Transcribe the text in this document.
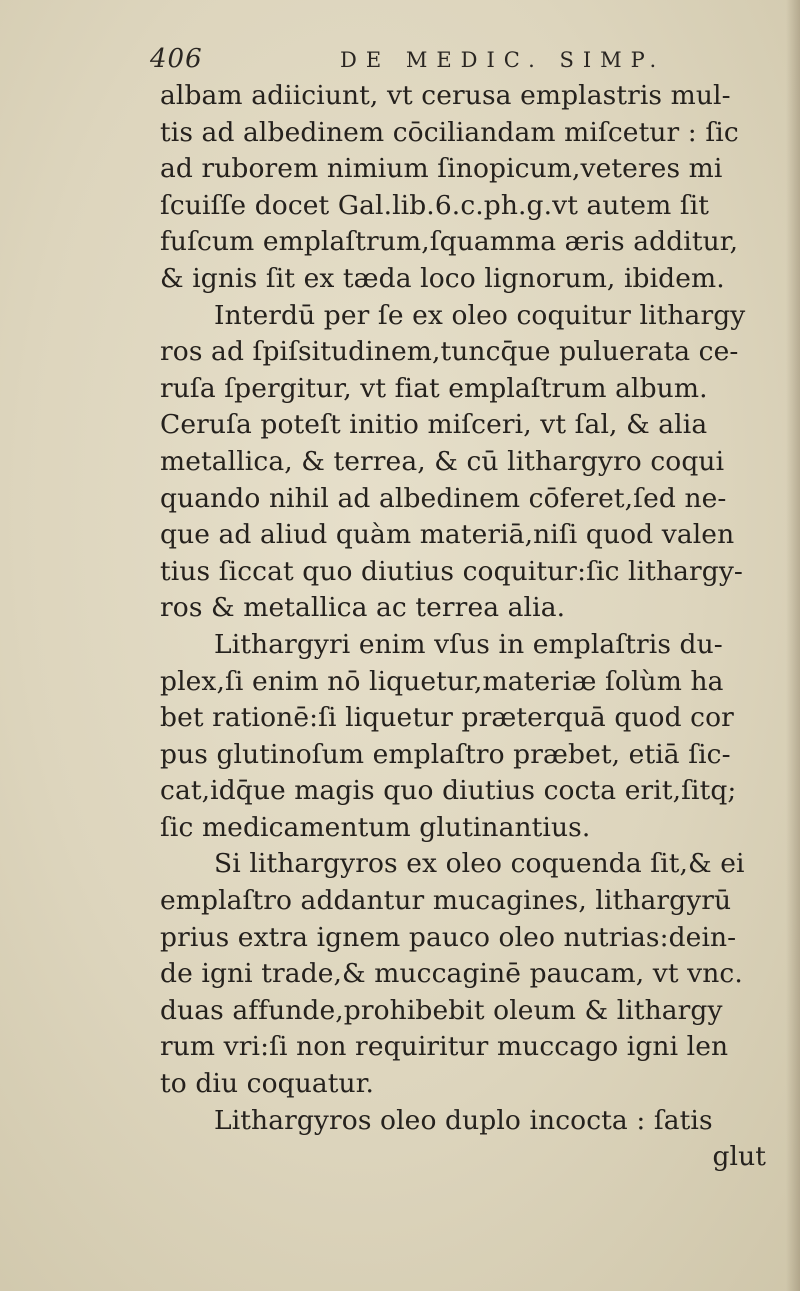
406	DE MEDIC. SIMP.
albam adiiciunt, vt cerusa emplastris mul-
tis ad albedinem cōciliandam miſcetur : ſic
ad ruborem nimium ſinopicum,veteres mi
ſcuiſſe docet Gal.lib.6.c.ph.g.vt autem ſit
fuſcum emplaſtrum,ſquamma æris additur,
& ignis ſit ex tæda loco lignorum, ibidem.
Interdū per ſe ex oleo coquitur lithargy
ros ad ſpiſsitudinem,tuncq̄ue puluerata ce-
ruſa ſpergitur, vt fiat emplaſtrum album.
Ceruſa poteſt initio miſceri, vt ſal, & alia
metallica, & terrea, & cū lithargyro coqui
quando nihil ad albedinem cōferet,ſed ne-
que ad aliud quàm materiā,niſi quod valen
tius ſiccat quo diutius coquitur:ſic lithargy-
ros & metallica ac terrea alia.
Lithargyri enim vſus in emplaſtris du-
plex,ſi enim nō liquetur,materiæ ſolùm ha
bet rationē:ſi liquetur præterquā quod cor
pus glutinoſum emplaſtro præbet, etiā ſic-
cat,idq̄ue magis quo diutius cocta erit,ſitq;
ſic medicamentum glutinantius.
Si lithargyros ex oleo coquenda ſit,& ei
emplaſtro addantur mucagines, lithargyrū
prius extra ignem pauco oleo nutrias:dein-
de igni trade,& muccaginē paucam, vt vnc.
duas affunde,prohibebit oleum & lithargy
rum vri:ſi non requiritur muccago igni len
to diu coquatur.
Lithargyros oleo duplo incocta : ſatis
glut
